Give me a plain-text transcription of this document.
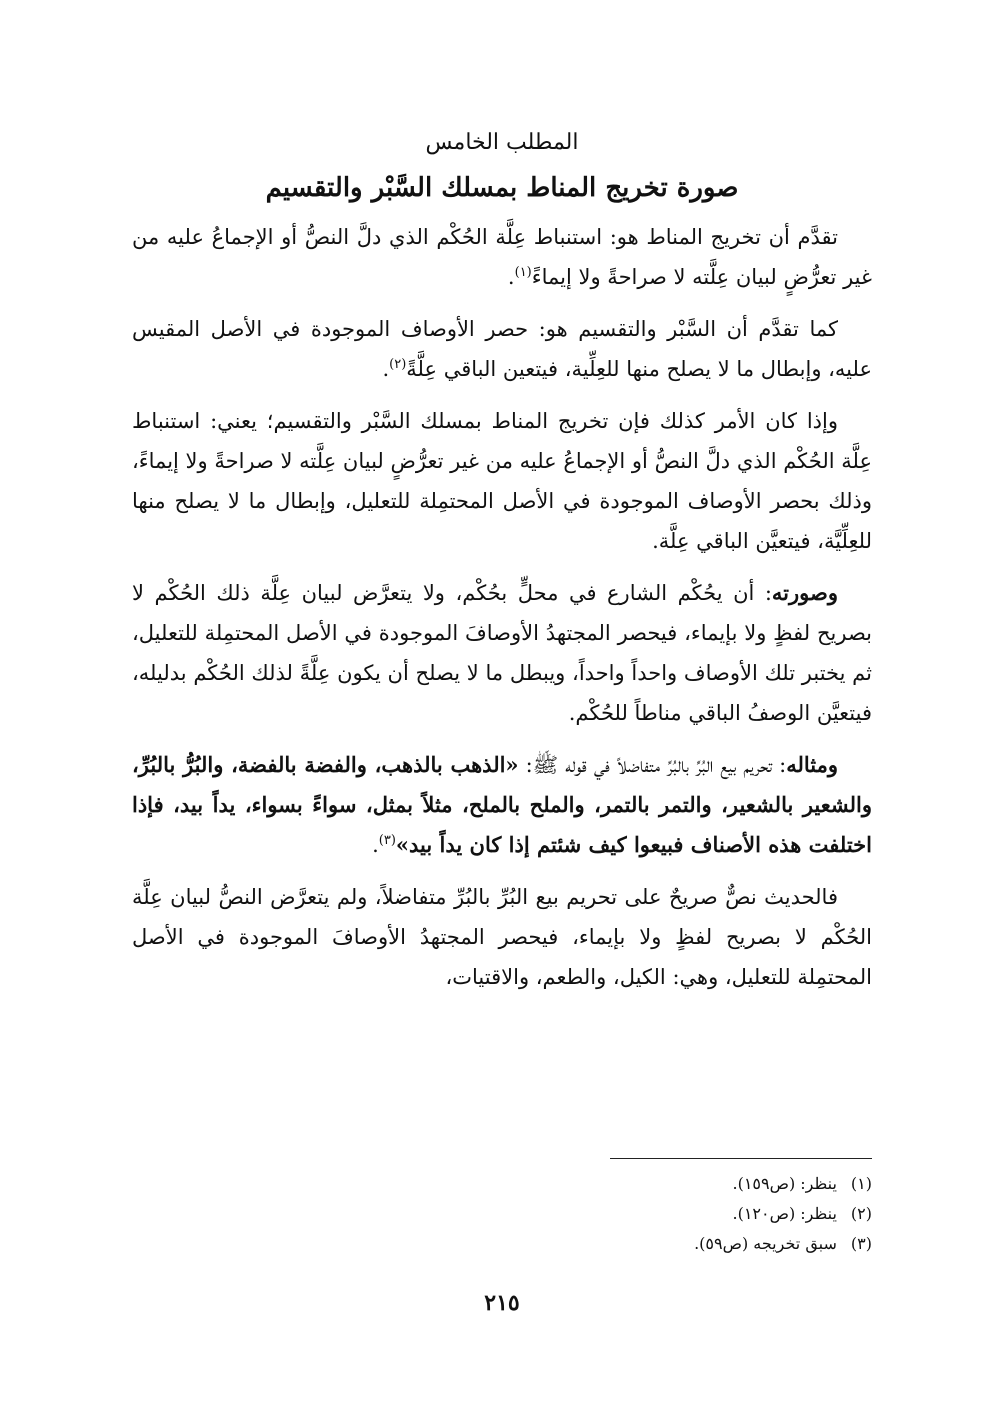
المطلب الخامس
صورة تخريج المناط بمسلك السَّبْر والتقسيم

تقدَّم أن تخريج المناط هو: استنباط عِلَّة الحُكْم الذي دلَّ النصُّ أو الإجماعُ عليه من غير تعرُّضٍ لبيان عِلَّته لا صراحةً ولا إيماءً$^{(١)}$.

كما تقدَّم أن السَّبْر والتقسيم هو: حصر الأوصاف الموجودة في الأصل المقيس عليه، وإبطال ما لا يصلح منها للعِلِّية، فيتعين الباقي عِلَّةً$^{(٢)}$.

وإذا كان الأمر كذلك فإن تخريج المناط بمسلك السَّبْر والتقسيم؛ يعني: استنباط عِلَّة الحُكْم الذي دلَّ النصُّ أو الإجماعُ عليه من غير تعرُّضٍ لبيان عِلَّته لا صراحةً ولا إيماءً، وذلك بحصر الأوصاف الموجودة في الأصل المحتمِلة للتعليل، وإبطال ما لا يصلح منها للعِلِّيَّة، فيتعيَّن الباقي عِلَّة.

وصورته: أن يحُكْم الشارع في محلٍّ بحُكْم، ولا يتعرَّض لبيان عِلَّة ذلك الحُكْم لا بصريح لفظٍ ولا بإيماء، فيحصر المجتهدُ الأوصافَ الموجودة في الأصل المحتمِلة للتعليل، ثم يختبر تلك الأوصاف واحداً واحداً، ويبطل ما لا يصلح أن يكون عِلَّةً لذلك الحُكْم بدليله، فيتعيَّن الوصفُ الباقي مناطاً للحُكْم.

ومثاله: تحريم بيع البُرِّ بالبُرِّ متفاضلاً في قوله ﷺ: «الذهب بالذهب، والفضة بالفضة، والبُرُّ بالبُرِّ، والشعير بالشعير، والتمر بالتمر، والملح بالملح، مثلاً بمثل، سواءً بسواء، يداً بيد، فإذا اختلفت هذه الأصناف فبيعوا كيف شئتم إذا كان يداً بيد»$^{(٣)}$.

فالحديث نصٌّ صريحٌ على تحريم بيع البُرِّ بالبُرِّ متفاضلاً، ولم يتعرَّض النصُّ لبيان عِلَّة الحُكْم لا بصريح لفظٍ ولا بإيماء، فيحصر المجتهدُ الأوصافَ الموجودة في الأصل المحتمِلة للتعليل، وهي: الكيل، والطعم، والاقتيات،

(١)
ينظر: (ص١٥٩).
(٢)
ينظر: (ص١٢٠).
(٣)
سبق تخريجه (ص٥٩).
٢١٥
